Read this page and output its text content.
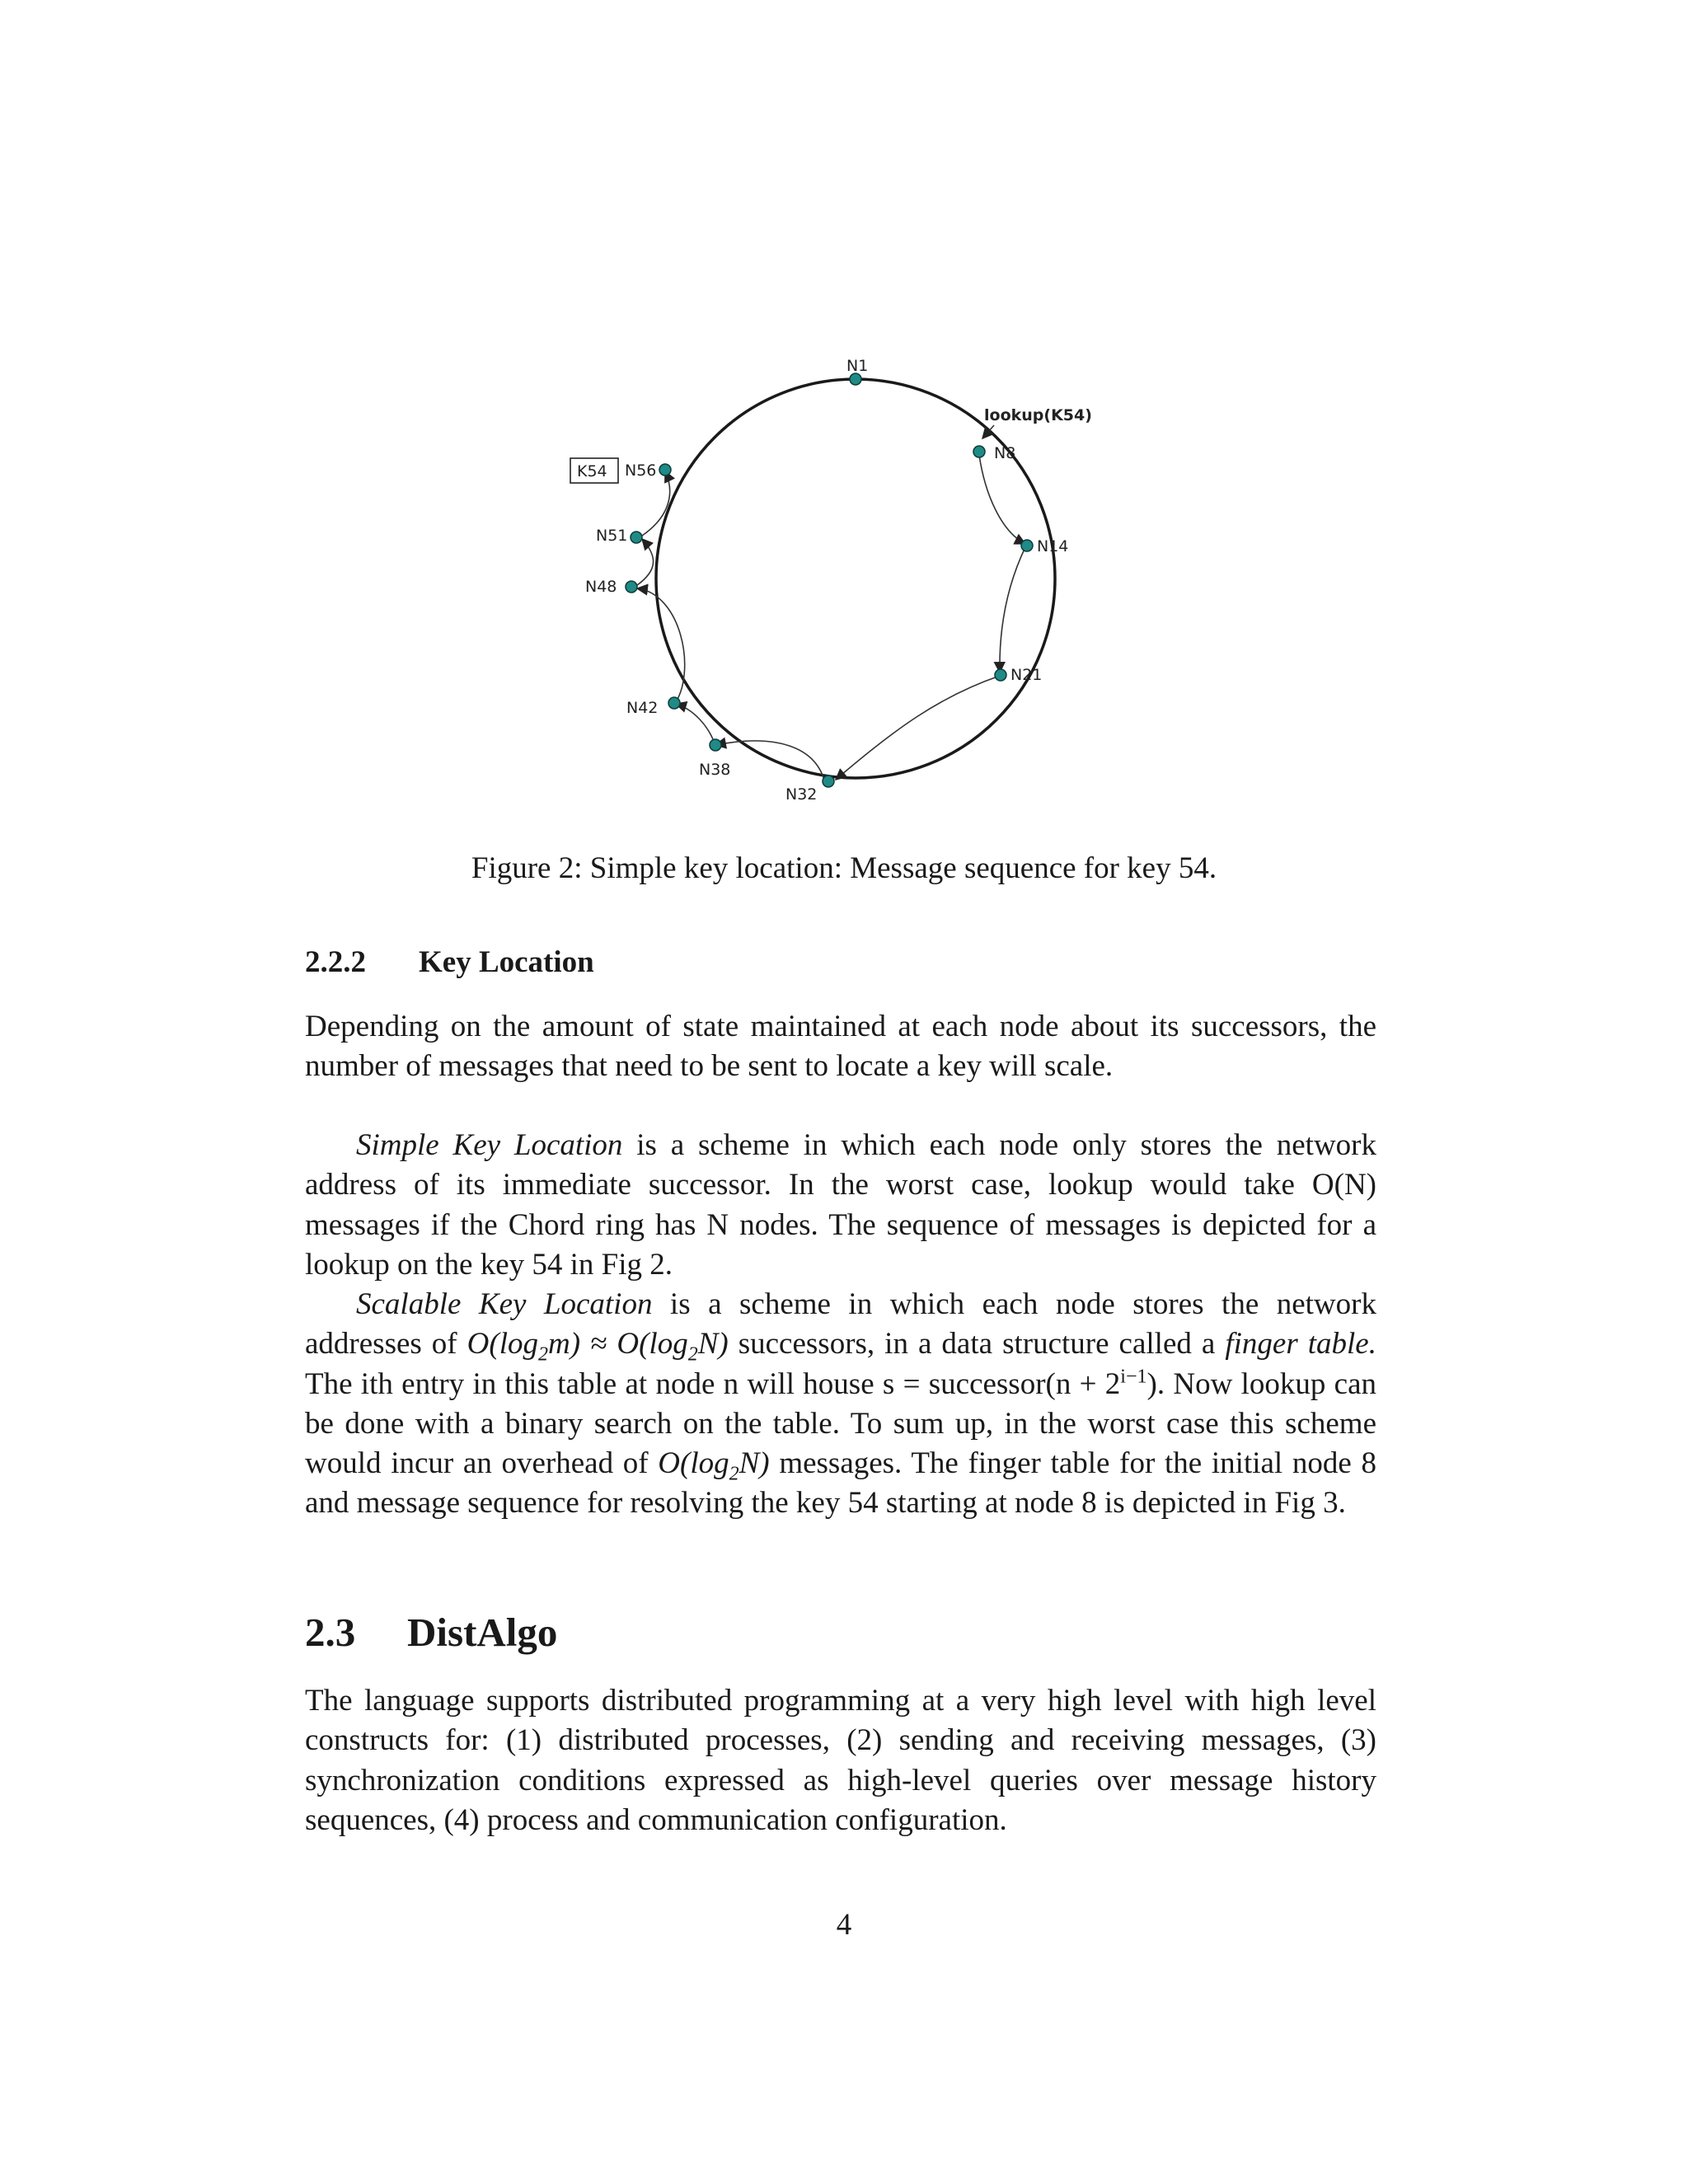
N1
N8
N14
N21
N32
N38
N42
N48
N51
N56
lookup(K54)
K54
Figure 2: Simple key location: Message sequence for key 54.
2.2.2 Key Location
Depending on the amount of state maintained at each node about its successors, the number of messages that need to be sent to locate a key will scale.
Simple Key Location is a scheme in which each node only stores the network address of its immediate successor. In the worst case, lookup would take O(N) messages if the Chord ring has N nodes. The sequence of messages is depicted for a lookup on the key 54 in Fig 2.
Scalable Key Location is a scheme in which each node stores the network addresses of $O(\log_2m) \approx O(\log_2N)$ successors, in a data structure called a finger table. The ith entry in this table at node n will house s = successor(n + $2^{i-1}$). Now lookup can be done with a binary search on the table. To sum up, in the worst case this scheme would incur an overhead of $O(\log_2N)$ messages. The finger table for the initial node 8 and message sequence for resolving the key 54 starting at node 8 is depicted in Fig 3.
2.3 DistAlgo
The language supports distributed programming at a very high level with high level constructs for: (1) distributed processes, (2) sending and receiving messages, (3) synchronization conditions expressed as high-level queries over message history sequences, (4) process and communication configuration.
4
